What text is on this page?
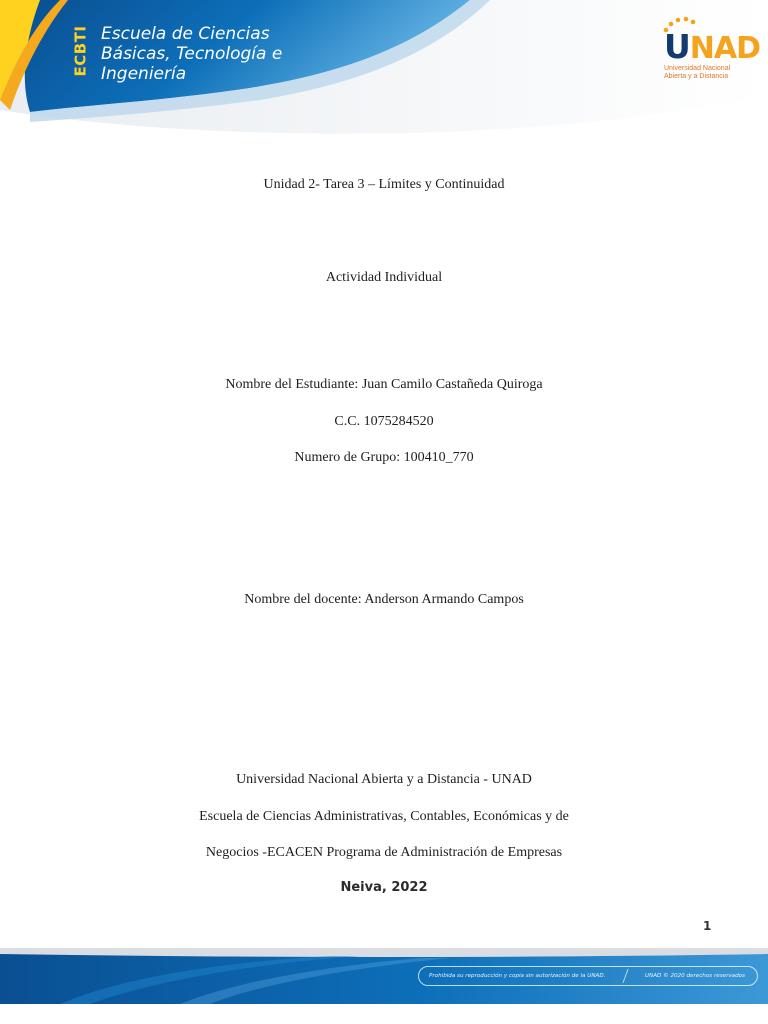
ECBTI Escuela de Ciencias
Básicas, Tecnología e
Ingeniería
UNAD
Universidad Nacional
Abierta y a Distancia
Unidad 2- Tarea 3 – Límites y Continuidad
Actividad Individual
Nombre del Estudiante: Juan Camilo Castañeda Quiroga
C.C. 1075284520
Numero de Grupo: 100410_770
Nombre del docente: Anderson Armando Campos
Universidad Nacional Abierta y a Distancia - UNAD
Escuela de Ciencias Administrativas, Contables, Económicas y de
Negocios -ECACEN Programa de Administración de Empresas
Neiva, 2022
1
Prohibida su reproducción y copia sin autorización de la UNAD.	UNAD © 2020 derechos reservados
